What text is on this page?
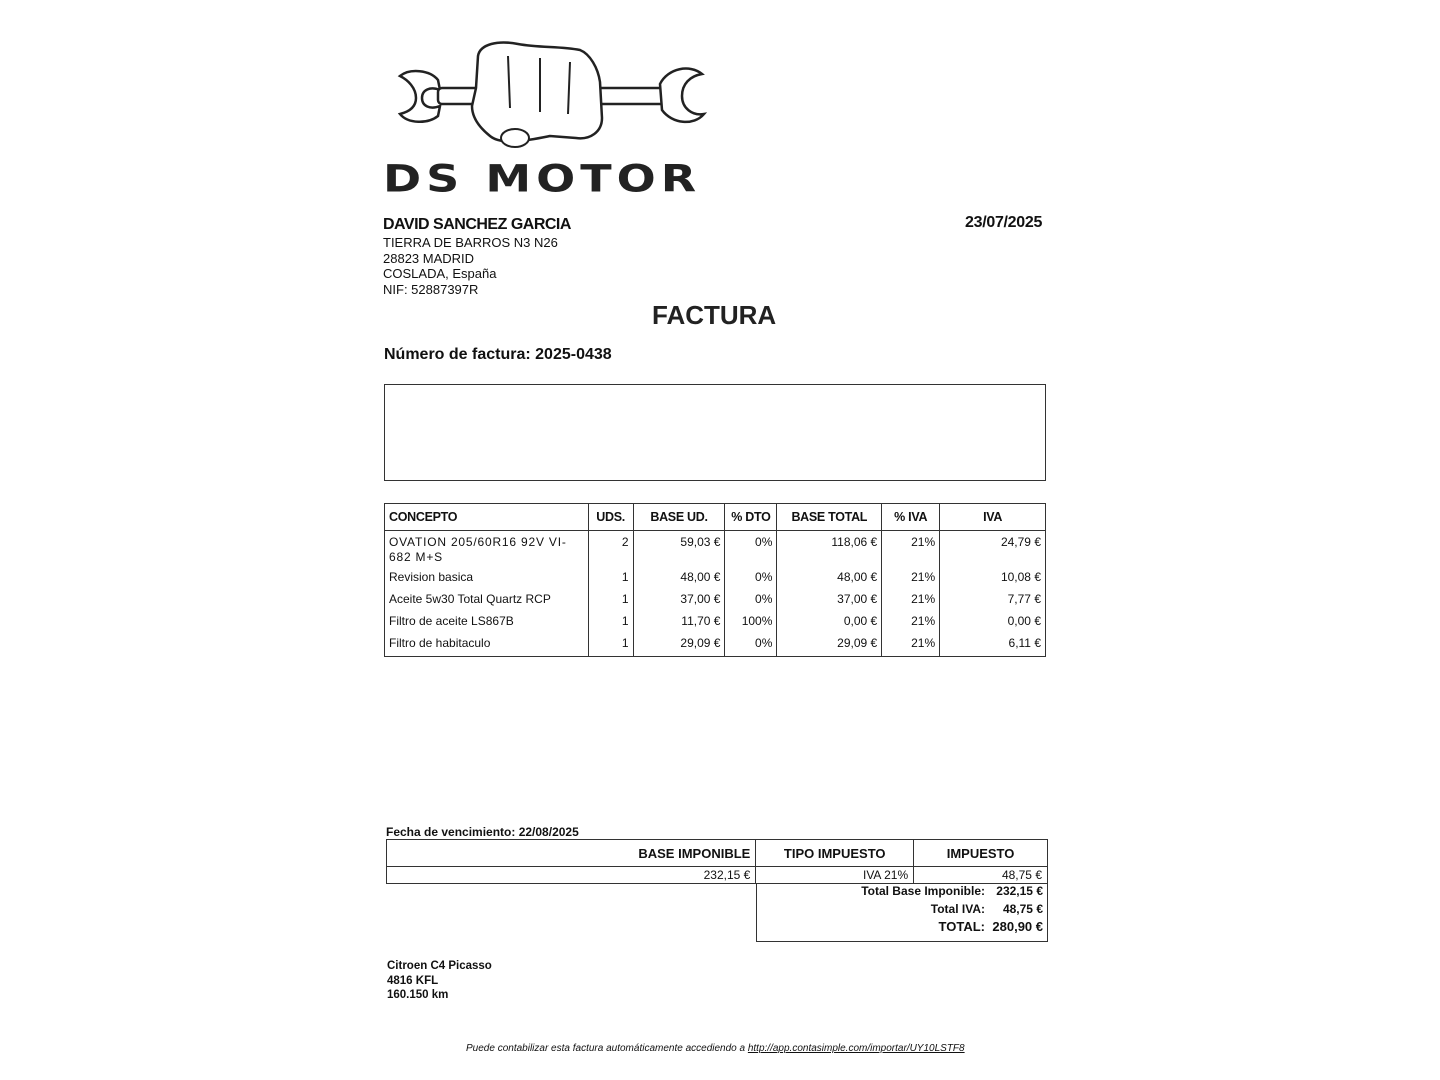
DS MOTOR
DAVID SANCHEZ GARCIA
TIERRA DE BARROS N3 N26
28823 MADRID
COSLADA, España
NIF: 52887397R
23/07/2025
FACTURA
Número de factura: 2025-0438
CONCEPTO	UDS.	BASE UD.	% DTO	BASE TOTAL	% IVA	IVA
OVATION 205/60R16 92V VI-682 M+S	2	59,03 €	0%	118,06 €	21%	24,79 €
Revision basica	1	48,00 €	0%	48,00 €	21%	10,08 €
Aceite 5w30 Total Quartz RCP	1	37,00 €	0%	37,00 €	21%	7,77 €
Filtro de aceite LS867B	1	11,70 €	100%	0,00 €	21%	0,00 €
Filtro de habitaculo	1	29,09 €	0%	29,09 €	21%	6,11 €
Fecha de vencimiento: 22/08/2025
BASE IMPONIBLE	TIPO IMPUESTO	IMPUESTO
232,15 €	IVA 21%	48,75 €
Total Base Imponible: 232,15 €
Total IVA:	48,75 €
TOTAL: 280,90 €
Citroen C4 Picasso
4816 KFL
160.150 km
Puede contabilizar esta factura automáticamente accediendo a http://app.contasimple.com/importar/UY10LSTF8
